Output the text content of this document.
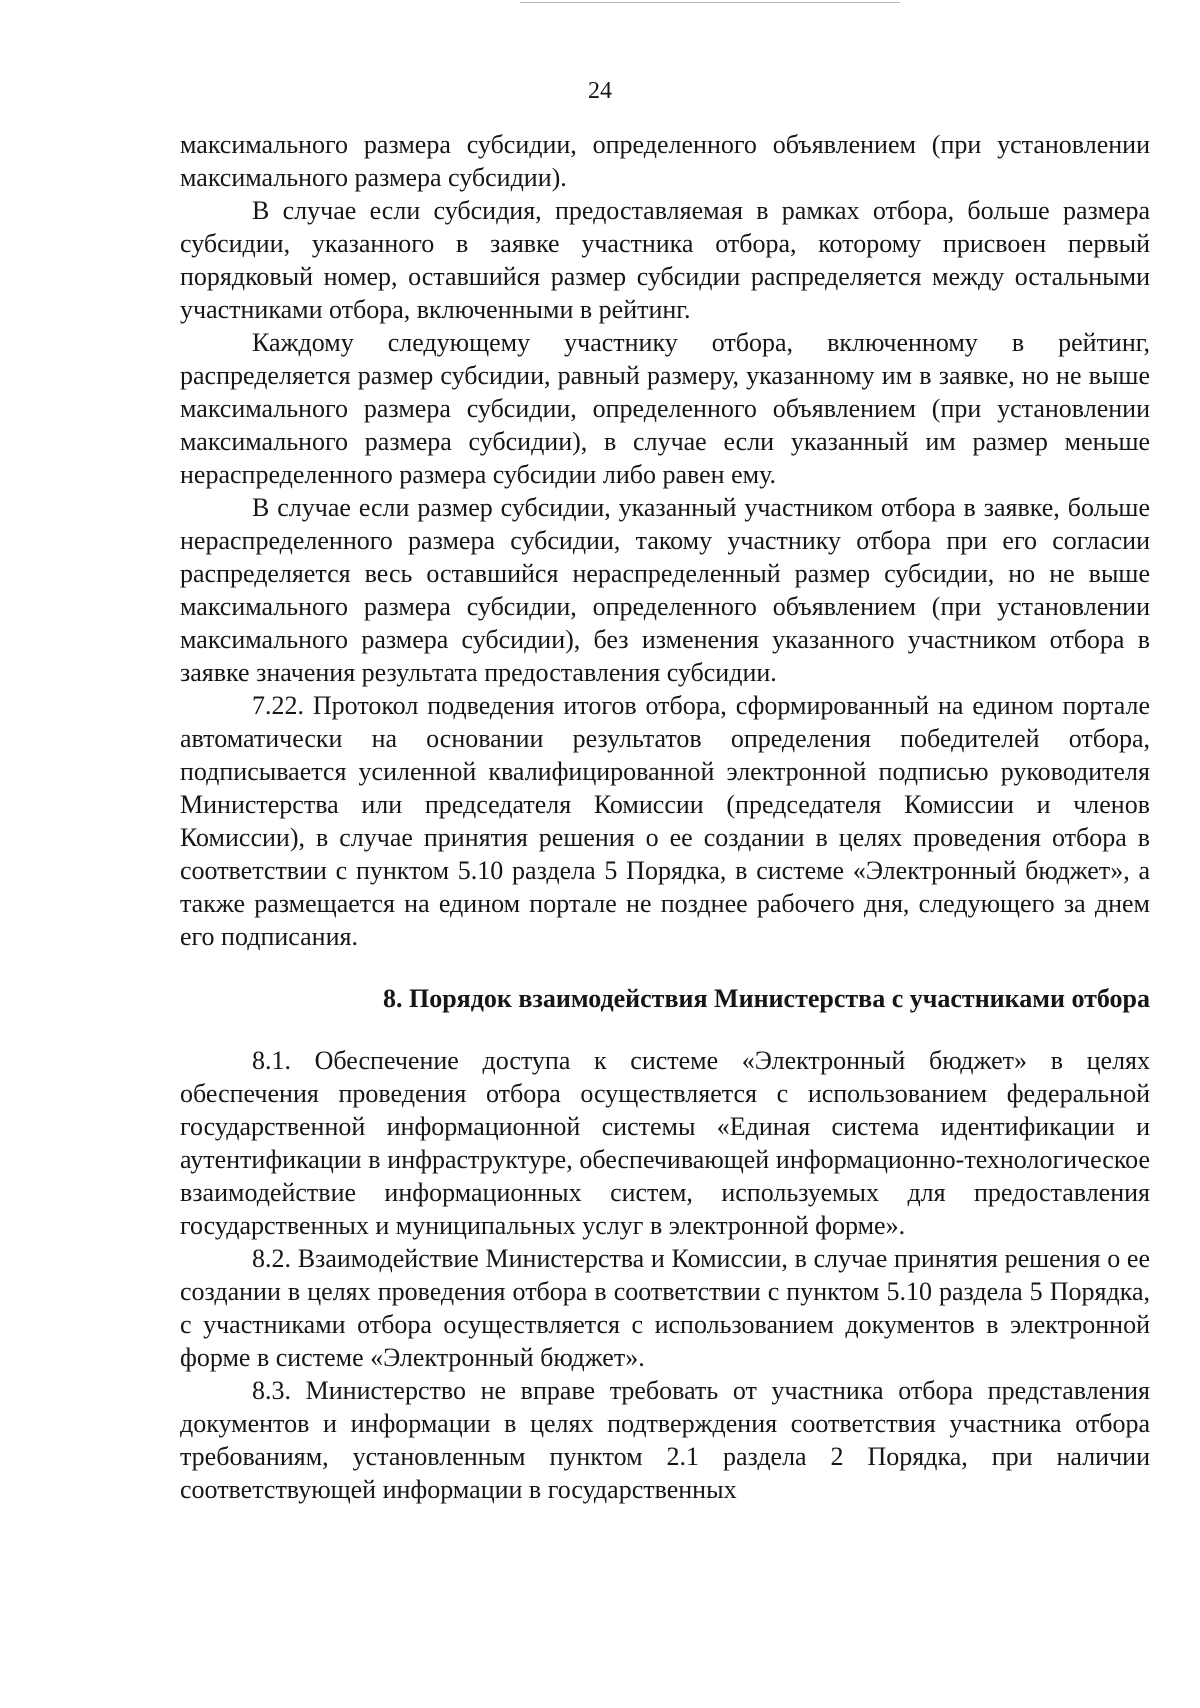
24

максимального размера субсидии, определенного объявлением (при установлении максимального размера субсидии).

В случае если субсидия, предоставляемая в рамках отбора, больше размера субсидии, указанного в заявке участника отбора, которому присвоен первый порядковый номер, оставшийся размер субсидии распределяется между остальными участниками отбора, включенными в рейтинг.

Каждому следующему участнику отбора, включенному в рейтинг, распределяется размер субсидии, равный размеру, указанному им в заявке, но не выше максимального размера субсидии, определенного объявлением (при установлении максимального размера субсидии), в случае если указанный им размер меньше нераспределенного размера субсидии либо равен ему.

В случае если размер субсидии, указанный участником отбора в заявке, больше нераспределенного размера субсидии, такому участнику отбора при его согласии распределяется весь оставшийся нераспределенный размер субсидии, но не выше максимального размера субсидии, определенного объявлением (при установлении максимального размера субсидии), без изменения указанного участником отбора в заявке значения результата предоставления субсидии.

7.22. Протокол подведения итогов отбора, сформированный на едином портале автоматически на основании результатов определения победителей отбора, подписывается усиленной квалифицированной электронной подписью руководителя Министерства или председателя Комиссии (председателя Комиссии и членов Комиссии), в случае принятия решения о ее создании в целях проведения отбора в соответствии с пунктом 5.10 раздела 5 Порядка, в системе «Электронный бюджет», а также размещается на едином портале не позднее рабочего дня, следующего за днем его подписания.

8. Порядок взаимодействия Министерства с участниками отбора

8.1. Обеспечение доступа к системе «Электронный бюджет» в целях обеспечения проведения отбора осуществляется с использованием федеральной государственной информационной системы «Единая система идентификации и аутентификации в инфраструктуре, обеспечивающей информационно-технологическое взаимодействие информационных систем, используемых для предоставления государственных и муниципальных услуг в электронной форме».

8.2. Взаимодействие Министерства и Комиссии, в случае принятия решения о ее создании в целях проведения отбора в соответствии с пунктом 5.10 раздела 5 Порядка, с участниками отбора осуществляется с использованием документов в электронной форме в системе «Электронный бюджет».

8.3. Министерство не вправе требовать от участника отбора представления документов и информации в целях подтверждения соответствия участника отбора требованиям, установленным пунктом 2.1 раздела 2 Порядка, при наличии соответствующей информации в государственных
